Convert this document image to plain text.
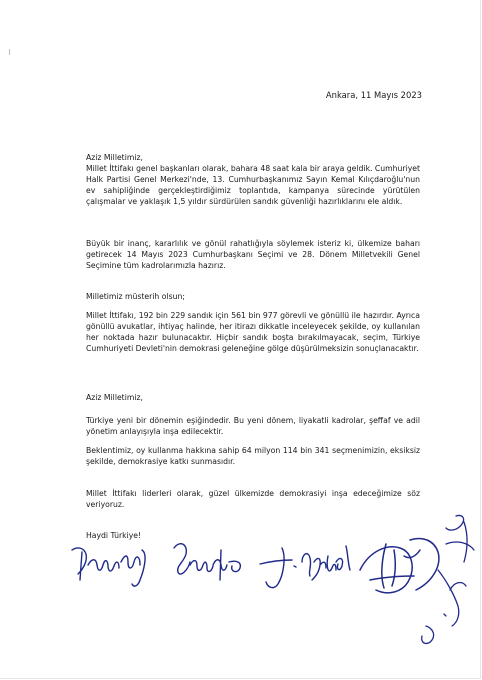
Ankara, 11 Mayıs 2023

Aziz Milletimiz,

Millet İttifakı genel başkanları olarak, bahara 48 saat kala bir araya geldik. Cumhuriyet Halk Partisi Genel Merkezi'nde, 13. Cumhurbaşkanımız Sayın Kemal Kılıçdaroğlu'nun ev sahipliğinde gerçekleştirdiğimiz toplantıda, kampanya sürecinde yürütülen çalışmalar ve yaklaşık 1,5 yıldır sürdürülen sandık güvenliği hazırlıklarını ele aldık.

Büyük bir inanç, kararlılık ve gönül rahatlığıyla söylemek isteriz ki, ülkemize baharı getirecek 14 Mayıs 2023 Cumhurbaşkanı Seçimi ve 28. Dönem Milletvekili Genel Seçimine tüm kadrolarımızla hazırız.

Milletimiz müsterih olsun;

Millet İttifakı, 192 bin 229 sandık için 561 bin 977 görevli ve gönüllü ile hazırdır. Ayrıca gönüllü avukatlar, ihtiyaç halinde, her itirazı dikkatle inceleyecek şekilde, oy kullanılan her noktada hazır bulunacaktır. Hiçbir sandık boşta bırakılmayacak, seçim, Türkiye Cumhuriyeti Devleti'nin demokrasi geleneğine gölge düşürülmeksizin sonuçlanacaktır.

Aziz Milletimiz,

Türkiye yeni bir dönemin eşiğindedir. Bu yeni dönem, liyakatli kadrolar, şeffaf ve adil yönetim anlayışıyla inşa edilecektir.

Beklentimiz, oy kullanma hakkına sahip 64 milyon 114 bin 341 seçmenimizin, eksiksiz şekilde, demokrasiye katkı sunmasıdır.

Millet İttifakı liderleri olarak, güzel ülkemizde demokrasiyi inşa edeceğimize söz veriyoruz.

Haydi Türkiye!
